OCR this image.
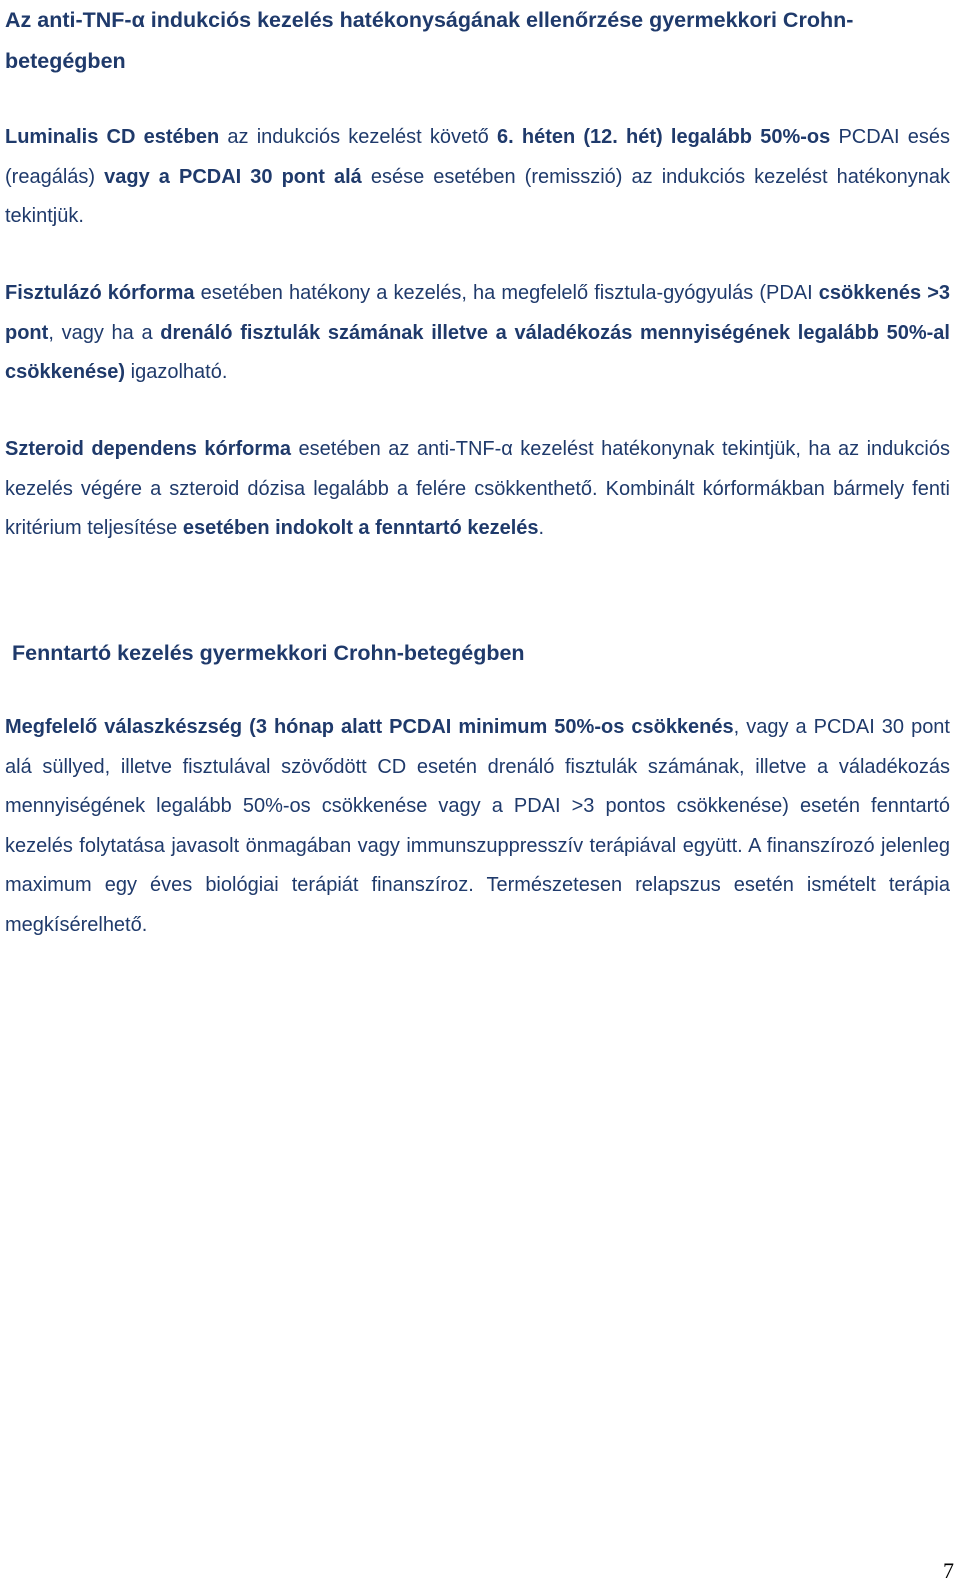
Az anti-TNF-α indukciós kezelés hatékonyságának ellenőrzése gyermekkori Crohn-betegégben
Luminalis CD estében az indukciós kezelést követő 6. héten (12. hét) legalább 50%-os PCDAI esés (reagálás) vagy a PCDAI 30 pont alá esése esetében (remisszió) az indukciós kezelést hatékonynak tekintjük.
Fisztulázó kórforma esetében hatékony a kezelés, ha megfelelő fisztula-gyógyulás (PDAI csökkenés >3 pont, vagy ha a drenáló fisztulák számának illetve a váladékozás mennyiségének legalább 50%-al csökkenése) igazolható.
Szteroid dependens kórforma esetében az anti-TNF-α kezelést hatékonynak tekintjük, ha az indukciós kezelés végére a szteroid dózisa legalább a felére csökkenthető. Kombinált kórformákban bármely fenti kritérium teljesítése esetében indokolt a fenntartó kezelés.
Fenntartó kezelés gyermekkori Crohn-betegégben
Megfelelő válaszkészség (3 hónap alatt PCDAI minimum 50%-os csökkenés, vagy a PCDAI 30 pont alá süllyed, illetve fisztulával szövődött CD esetén drenáló fisztulák számának, illetve a váladékozás mennyiségének legalább 50%-os csökkenése vagy a PDAI >3 pontos csökkenése) esetén fenntartó kezelés folytatása javasolt önmagában vagy immunszuppresszív terápiával együtt. A finanszírozó jelenleg maximum egy éves biológiai terápiát finanszíroz. Természetesen relapszus esetén ismételt terápia megkísérelhető.
7
